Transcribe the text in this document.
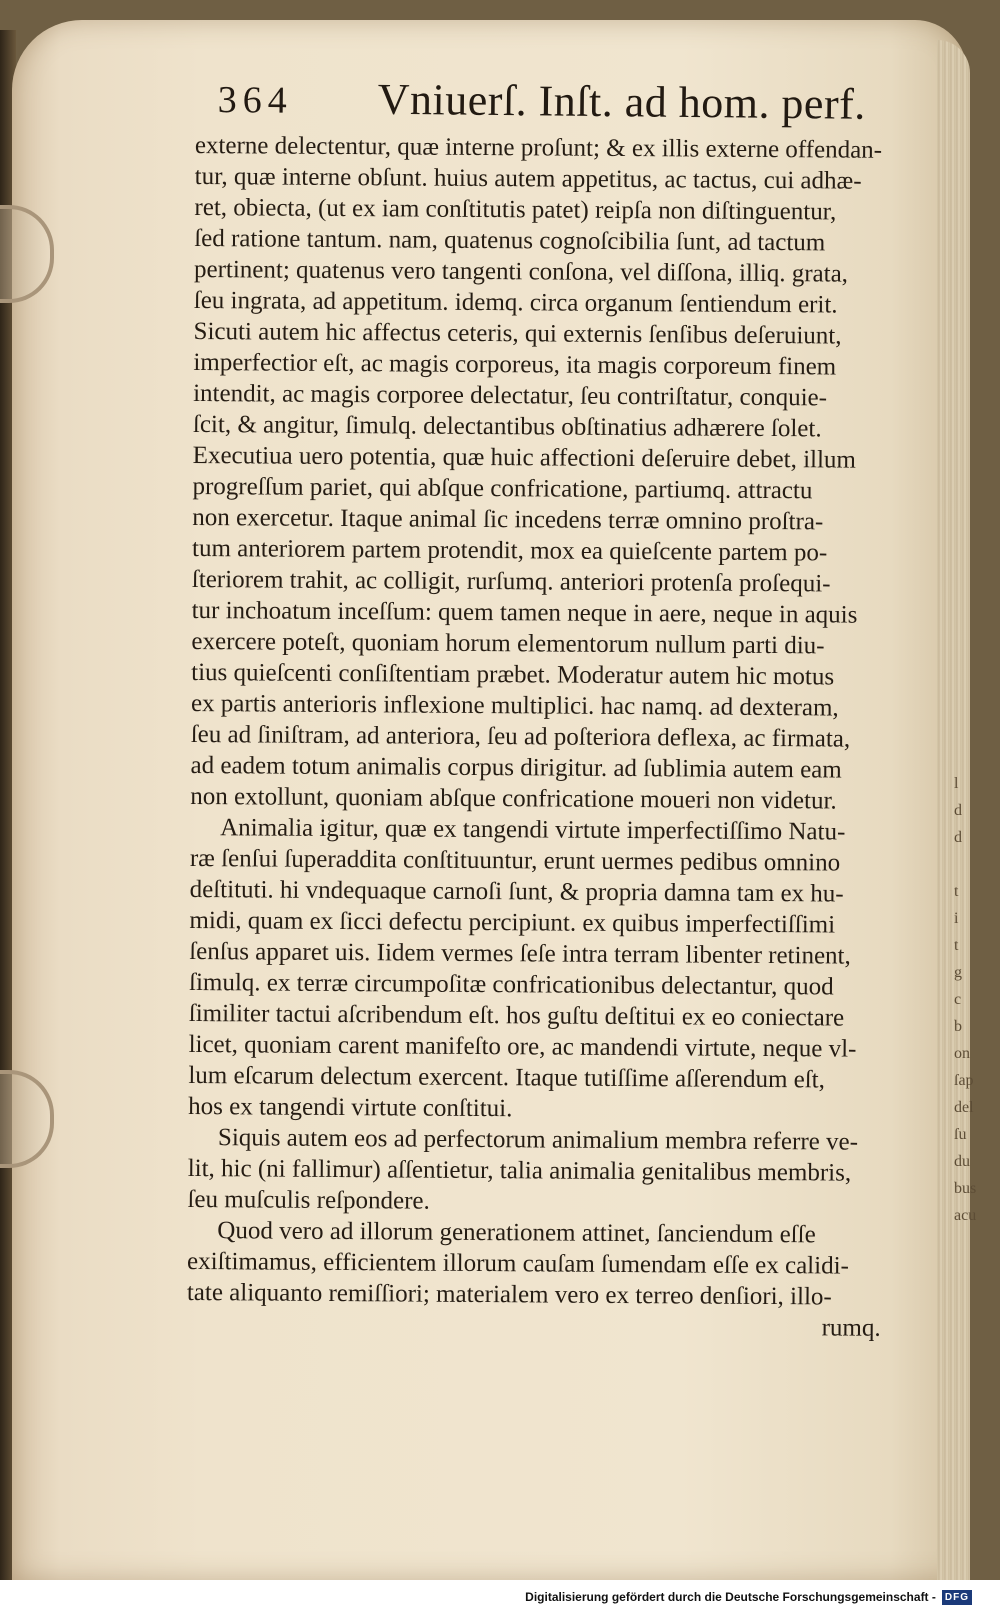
l
d
d

t
i
t
g
c
b
on
ſap
del
ſu
du
bus
acu
364 Vniuerſ. Inſt. ad hom. perf.
externe delectentur, quæ interne proſunt; & ex illis externe offendan-
tur, quæ interne obſunt. huius autem appetitus, ac tactus, cui adhæ-
ret, obiecta, (ut ex iam conſtitutis patet) reipſa non diſtinguentur,
ſed ratione tantum. nam, quatenus cognoſcibilia ſunt, ad tactum
pertinent; quatenus vero tangenti conſona, vel diſſona, illiq. grata,
ſeu ingrata, ad appetitum. idemq. circa organum ſentiendum erit.
Sicuti autem hic affectus ceteris, qui externis ſenſibus deſeruiunt,
imperfectior eſt, ac magis corporeus, ita magis corporeum finem
intendit, ac magis corporee delectatur, ſeu contriſtatur, conquie-
ſcit, & angitur, ſimulq. delectantibus obſtinatius adhærere ſolet.
Executiua uero potentia, quæ huic affectioni deſeruire debet, illum
progreſſum pariet, qui abſque confricatione, partiumq. attractu
non exercetur. Itaque animal ſic incedens terræ omnino proſtra-
tum anteriorem partem protendit, mox ea quieſcente partem po-
ſteriorem trahit, ac colligit, rurſumq. anteriori protenſa proſequi-
tur inchoatum inceſſum: quem tamen neque in aere, neque in aquis
exercere poteſt, quoniam horum elementorum nullum parti diu-
tius quieſcenti conſiſtentiam præbet. Moderatur autem hic motus
ex partis anterioris inflexione multiplici. hac namq. ad dexteram,
ſeu ad ſiniſtram, ad anteriora, ſeu ad poſteriora deflexa, ac firmata,
ad eadem totum animalis corpus dirigitur. ad ſublimia autem eam
non extollunt, quoniam abſque confricatione moueri non videtur.
Animalia igitur, quæ ex tangendi virtute imperfectiſſimo Natu-
ræ ſenſui ſuperaddita conſtituuntur, erunt uermes pedibus omnino
deſtituti. hi vndequaque carnoſi ſunt, & propria damna tam ex hu-
midi, quam ex ſicci defectu percipiunt. ex quibus imperfectiſſimi
ſenſus apparet uis. Iidem vermes ſeſe intra terram libenter retinent,
ſimulq. ex terræ circumpoſitæ confricationibus delectantur, quod
ſimiliter tactui aſcribendum eſt. hos guſtu deſtitui ex eo coniectare
licet, quoniam carent manifeſto ore, ac mandendi virtute, neque vl-
lum eſcarum delectum exercent. Itaque tutiſſime aſſerendum eſt,
hos ex tangendi virtute conſtitui.
Siquis autem eos ad perfectorum animalium membra referre ve-
lit, hic (ni fallimur) aſſentietur, talia animalia genitalibus membris,
ſeu muſculis reſpondere.
Quod vero ad illorum generationem attinet, ſanciendum eſſe
exiſtimamus, efficientem illorum cauſam ſumendam eſſe ex calidi-
tate aliquanto remiſſiori; materialem vero ex terreo denſiori, illo-
rumq.
Digitalisierung gefördert durch die Deutsche Forschungsgemeinschaft - DFG
